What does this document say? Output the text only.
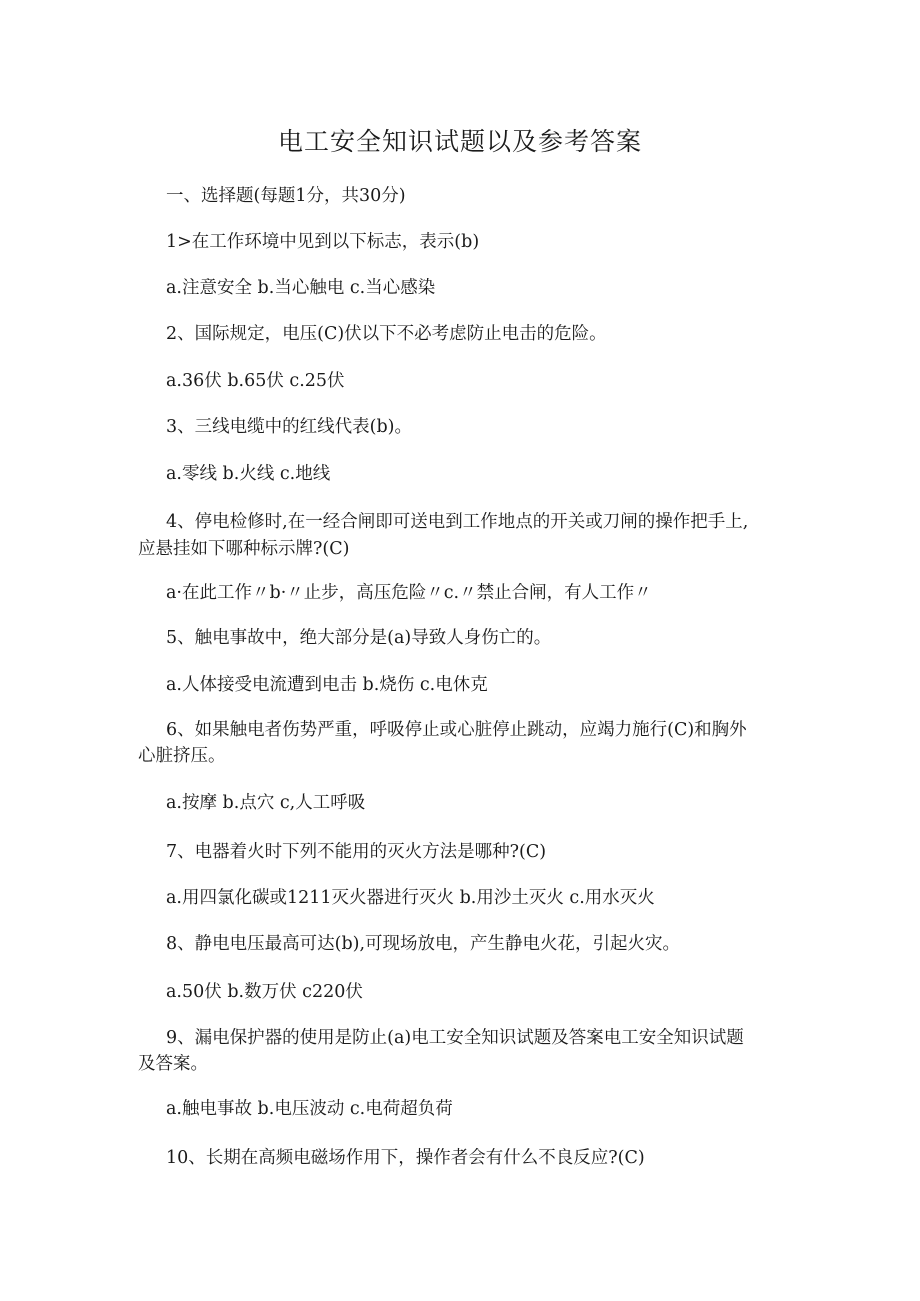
电工安全知识试题以及参考答案
一、选择题(每题1分，共30分)
1>在工作环境中见到以下标志，表示(b)
a.注意安全 b.当心触电 c.当心感染
2、国际规定，电压(C)伏以下不必考虑防止电击的危险。
a.36伏 b.65伏 c.25伏
3、三线电缆中的红线代表(b)。
a.零线 b.火线 c.地线
4、停电检修时,在一经合闸即可送电到工作地点的开关或刀闸的操作把手上,
应悬挂如下哪种标示牌?(C)
a·在此工作〃b·〃止步，高压危险〃c.〃禁止合闸，有人工作〃
5、触电事故中，绝大部分是(a)导致人身伤亡的。
a.人体接受电流遭到电击 b.烧伤 c.电休克
6、如果触电者伤势严重，呼吸停止或心脏停止跳动，应竭力施行(C)和胸外
心脏挤压。
a.按摩 b.点穴 c,人工呼吸
7、电器着火时下列不能用的灭火方法是哪种?(C)
a.用四氯化碳或1211灭火器进行灭火 b.用沙土灭火 c.用水灭火
8、静电电压最高可达(b),可现场放电，产生静电火花，引起火灾。
a.50伏 b.数万伏 c220伏
9、漏电保护器的使用是防止(a)电工安全知识试题及答案电工安全知识试题
及答案。
a.触电事故 b.电压波动 c.电荷超负荷
10、长期在高频电磁场作用下，操作者会有什么不良反应?(C)
